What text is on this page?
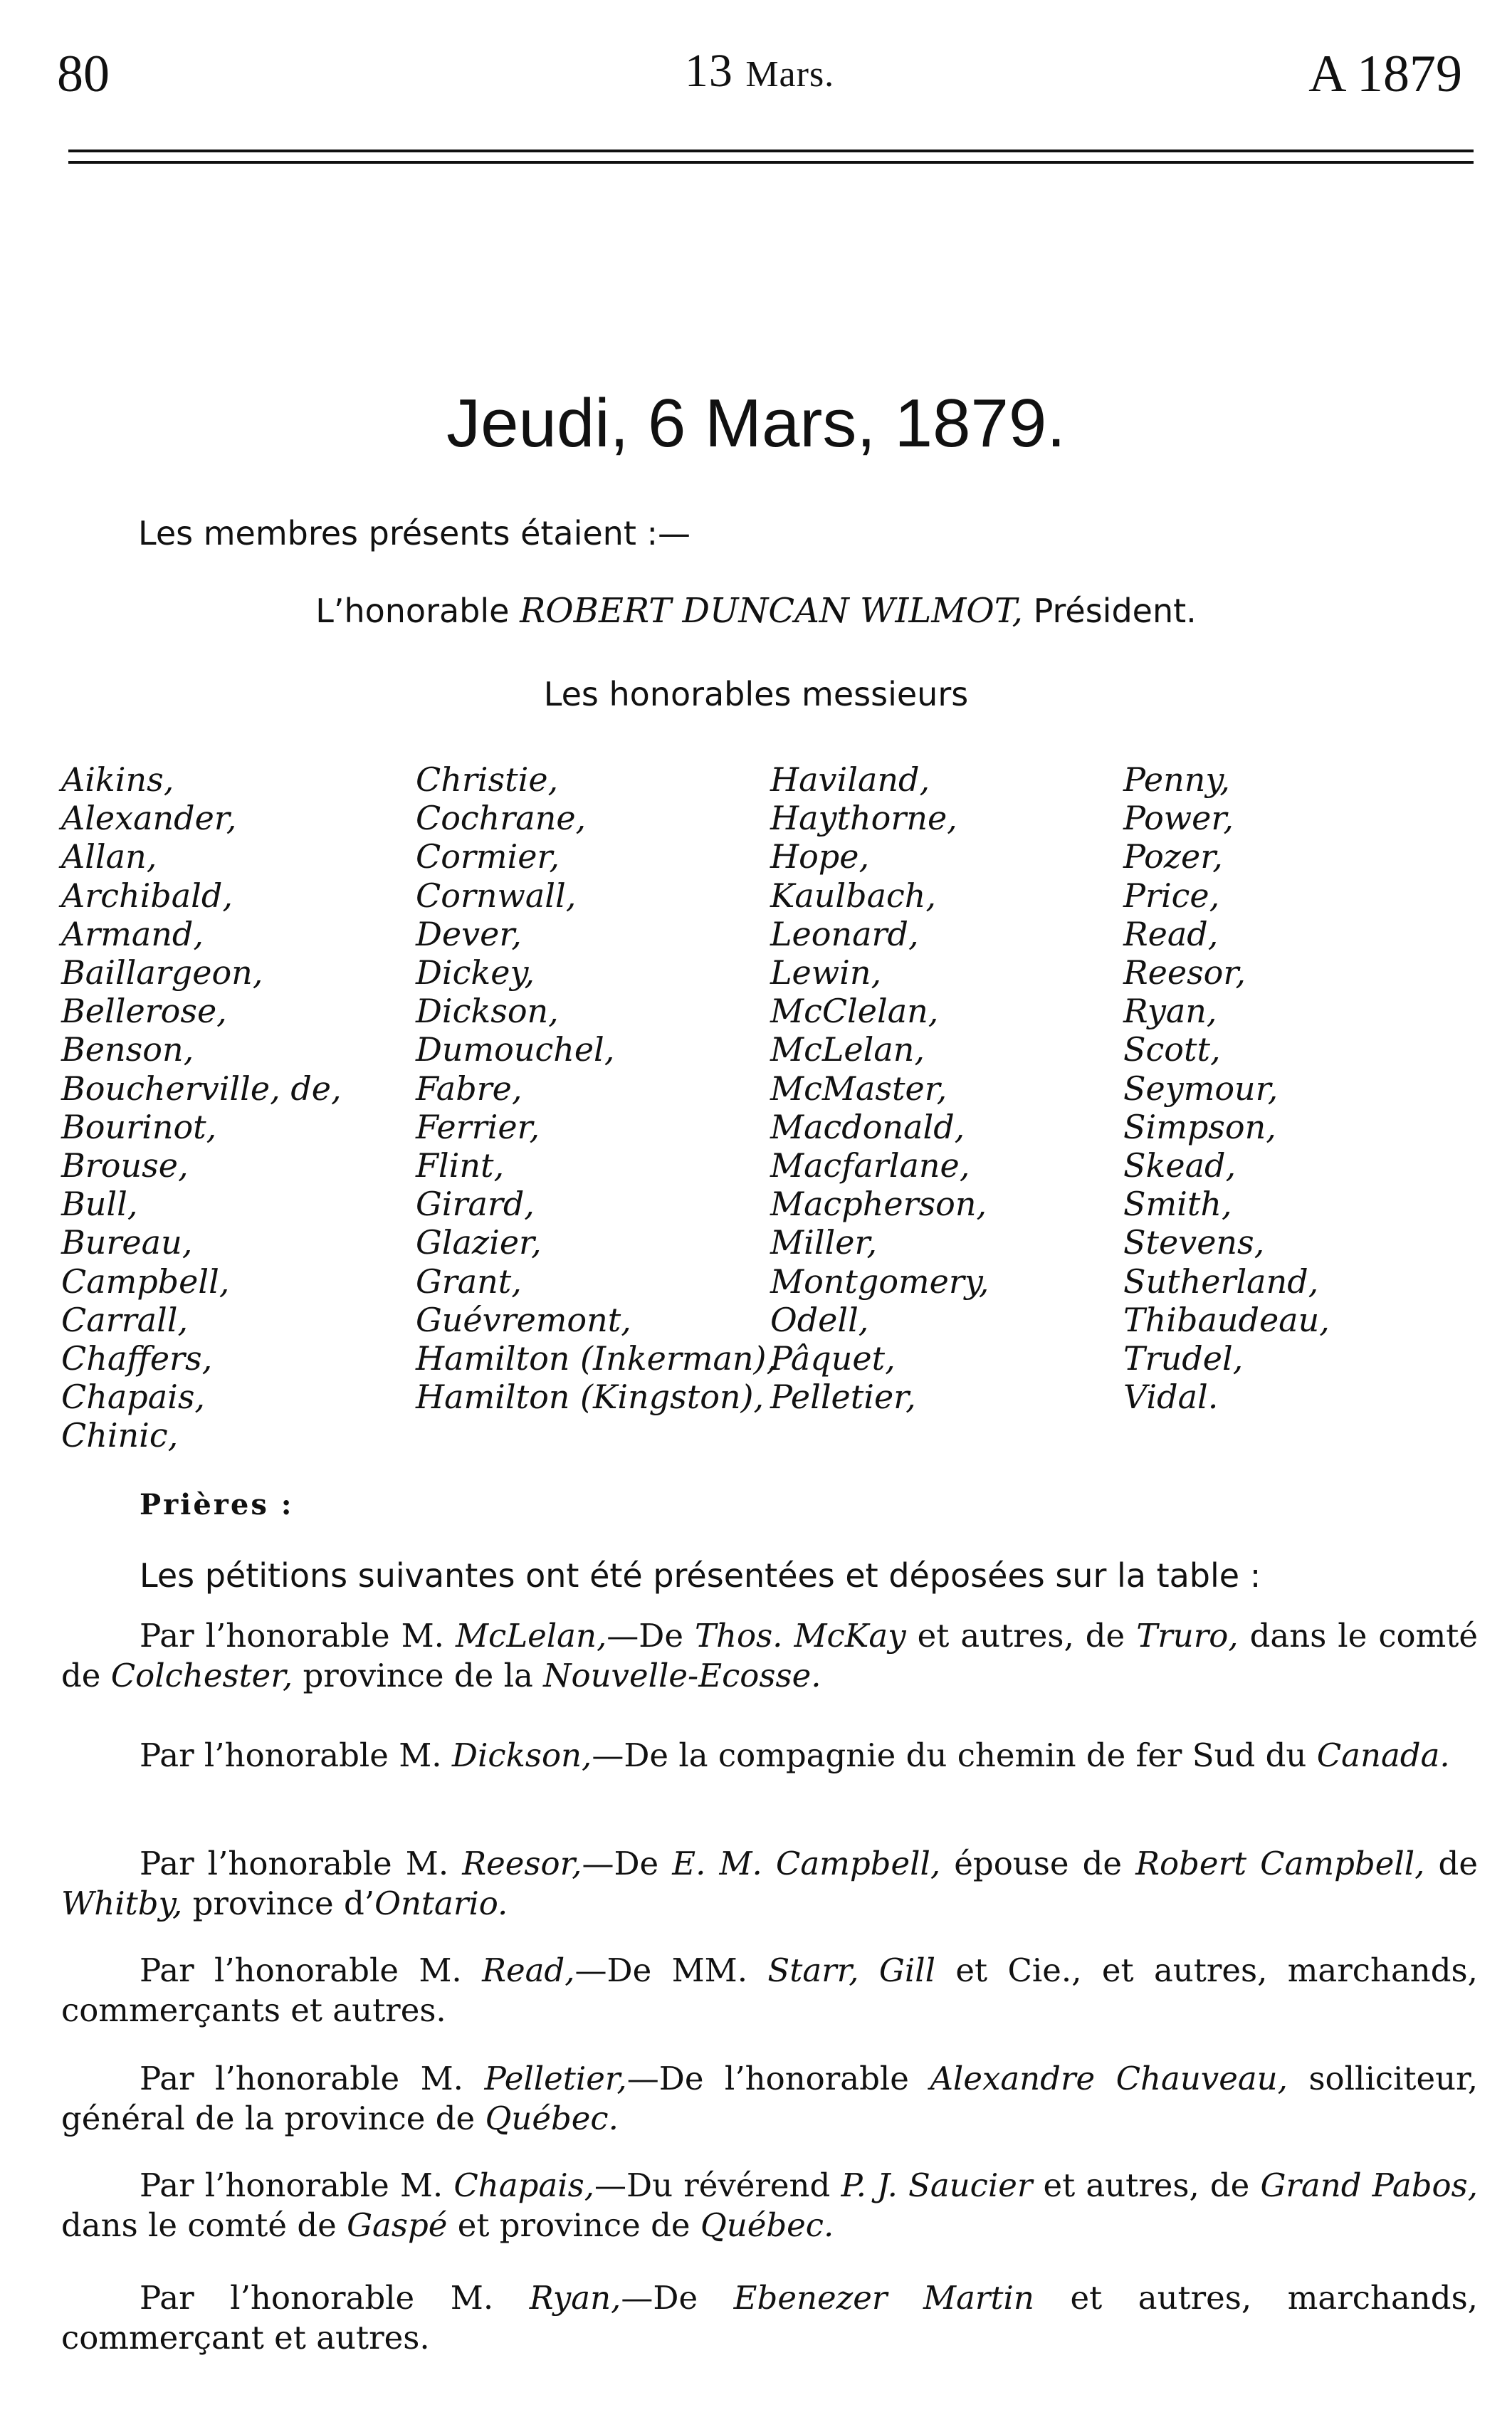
80	13 Mars.	A 1879
Jeudi, 6 Mars, 1879.
Les membres présents étaient :—
L’honorable ROBERT DUNCAN WILMOT, Président.
Les honorables messieurs
Aikins,
Alexander,
Allan,
Archibald,
Armand,
Baillargeon,
Bellerose,
Benson,
Boucherville, de,
Bourinot,
Brouse,
Bull,
Bureau,
Campbell,
Carrall,
Chaffers,
Chapais,
Chinic,
Christie,
Cochrane,
Cormier,
Cornwall,
Dever,
Dickey,
Dickson,
Dumouchel,
Fabre,
Ferrier,
Flint,
Girard,
Glazier,
Grant,
Guévremont,
Hamilton (Inkerman),
Hamilton (Kingston),
Haviland,
Haythorne,
Hope,
Kaulbach,
Leonard,
Lewin,
McClelan,
McLelan,
McMaster,
Macdonald,
Macfarlane,
Macpherson,
Miller,
Montgomery,
Odell,
Pâquet,
Pelletier,
Penny,
Power,
Pozer,
Price,
Read,
Reesor,
Ryan,
Scott,
Seymour,
Simpson,
Skead,
Smith,
Stevens,
Sutherland,
Thibaudeau,
Trudel,
Vidal.
Prières :
Les pétitions suivantes ont été présentées et déposées sur la table :
Par l’honorable M. McLelan,—De Thos. McKay et autres, de Truro, dans le comté de Colchester, province de la Nouvelle-Ecosse.
Par l’honorable M. Dickson,—De la compagnie du chemin de fer Sud du Canada.
Par l’honorable M. Reesor,—De E. M. Campbell, épouse de Robert Campbell, de Whitby, province d’Ontario.
Par l’honorable M. Read,—De MM. Starr, Gill et Cie., et autres, marchands, commerçants et autres.
Par l’honorable M. Pelletier,—De l’honorable Alexandre Chauveau, solliciteur, général de la province de Québec.
Par l’honorable M. Chapais,—Du révérend P. J. Saucier et autres, de Grand Pabos, dans le comté de Gaspé et province de Québec.
Par l’honorable M. Ryan,—De Ebenezer Martin et autres, marchands, commerçant et autres.
